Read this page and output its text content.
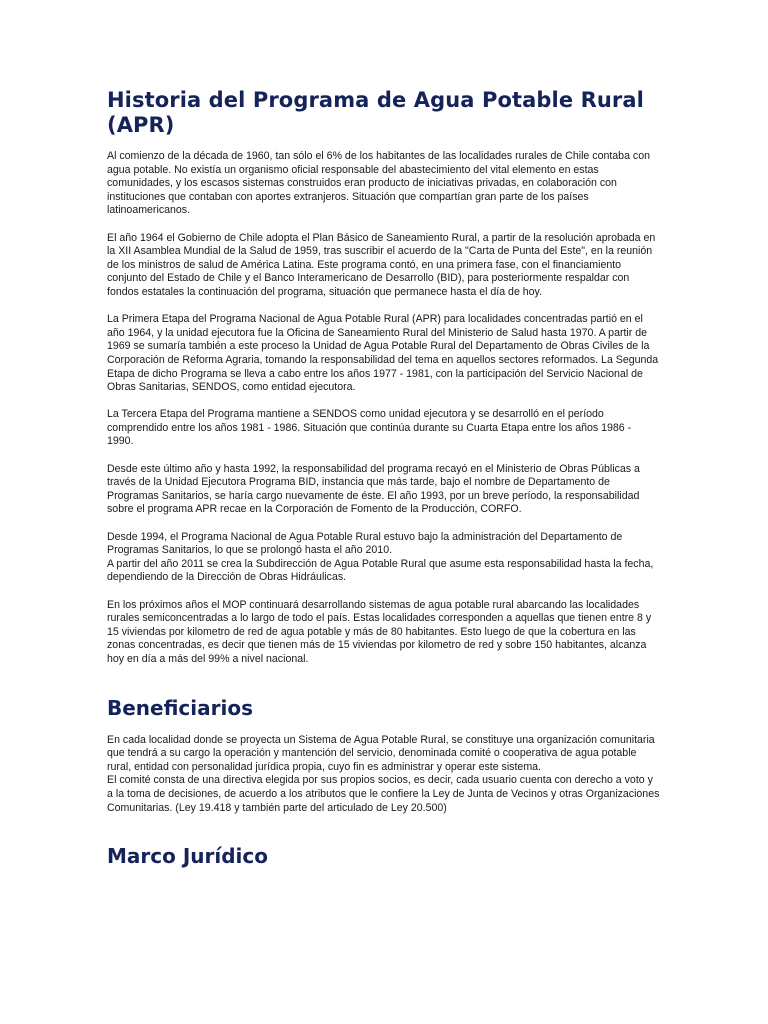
Historia del Programa de Agua Potable Rural (APR)

Al comienzo de la década de 1960, tan sólo el 6% de los habitantes de las localidades rurales de Chile contaba con agua potable. No existía un organismo oficial responsable del abastecimiento del vital elemento en estas comunidades, y los escasos sistemas construidos eran producto de iniciativas privadas, en colaboración con instituciones que contaban con aportes extranjeros. Situación que compartían gran parte de los países latinoamericanos.

El año 1964 el Gobierno de Chile adopta el Plan Básico de Saneamiento Rural, a partir de la resolución aprobada en la XII Asamblea Mundial de la Salud de 1959, tras suscribir el acuerdo de la "Carta de Punta del Este", en la reunión de los ministros de salud de América Latina. Este programa contó, en una primera fase, con el financiamiento conjunto del Estado de Chile y el Banco Interamericano de Desarrollo (BID), para posteriormente respaldar con fondos estatales la continuación del programa, situación que permanece hasta el día de hoy.

La Primera Etapa del Programa Nacional de Agua Potable Rural (APR) para localidades concentradas partió en el año 1964, y la unidad ejecutora fue la Oficina de Saneamiento Rural del Ministerio de Salud hasta 1970. A partir de 1969 se sumaría también a este proceso la Unidad de Agua Potable Rural del Departamento de Obras Civiles de la Corporación de Reforma Agraria, tomando la responsabilidad del tema en aquellos sectores reformados. La Segunda Etapa de dicho Programa se lleva a cabo entre los años 1977 - 1981, con la participación del Servicio Nacional de Obras Sanitarias, SENDOS, como entidad ejecutora.

La Tercera Etapa del Programa mantiene a SENDOS como unidad ejecutora y se desarrolló en el período comprendido entre los años 1981 - 1986. Situación que continúa durante su Cuarta Etapa entre los años 1986 - 1990.

Desde este último año y hasta 1992, la responsabilidad del programa recayó en el Ministerio de Obras Públicas a través de la Unidad Ejecutora Programa BID, instancia que más tarde, bajo el nombre de Departamento de Programas Sanitarios, se haría cargo nuevamente de éste. El año 1993, por un breve período, la responsabilidad sobre el programa APR recae en la Corporación de Fomento de la Producción, CORFO.

Desde 1994, el Programa Nacional de Agua Potable Rural estuvo bajo la administración del Departamento de Programas Sanitarios, lo que se prolongó hasta el año 2010.

A partir del año 2011 se crea la Subdirección de Agua Potable Rural que asume esta responsabilidad hasta la fecha, dependiendo de la Dirección de Obras Hidráulicas.

En los próximos años el MOP continuará desarrollando sistemas de agua potable rural abarcando las localidades rurales semiconcentradas a lo largo de todo el país. Estas localidades corresponden a aquellas que tienen entre 8 y 15 viviendas por kilometro de red de agua potable y más de 80 habitantes. Esto luego de que la cobertura en las zonas concentradas, es decir que tienen más de 15 viviendas por kilometro de red y sobre 150 habitantes, alcanza hoy en día a más del 99% a nivel nacional.

Beneficiarios

En cada localidad donde se proyecta un Sistema de Agua Potable Rural, se constituye una organización comunitaria que tendrá a su cargo la operación y mantención del servicio, denominada comité o cooperativa de agua potable rural, entidad con personalidad jurídica propia, cuyo fin es administrar y operar este sistema.

El comité consta de una directiva elegida por sus propios socios, es decir, cada usuario cuenta con derecho a voto y a la toma de decisiones, de acuerdo a los atributos que le confiere la Ley de Junta de Vecinos y otras Organizaciones Comunitarias. (Ley 19.418 y también parte del articulado de Ley 20.500)

Marco Jurídico
